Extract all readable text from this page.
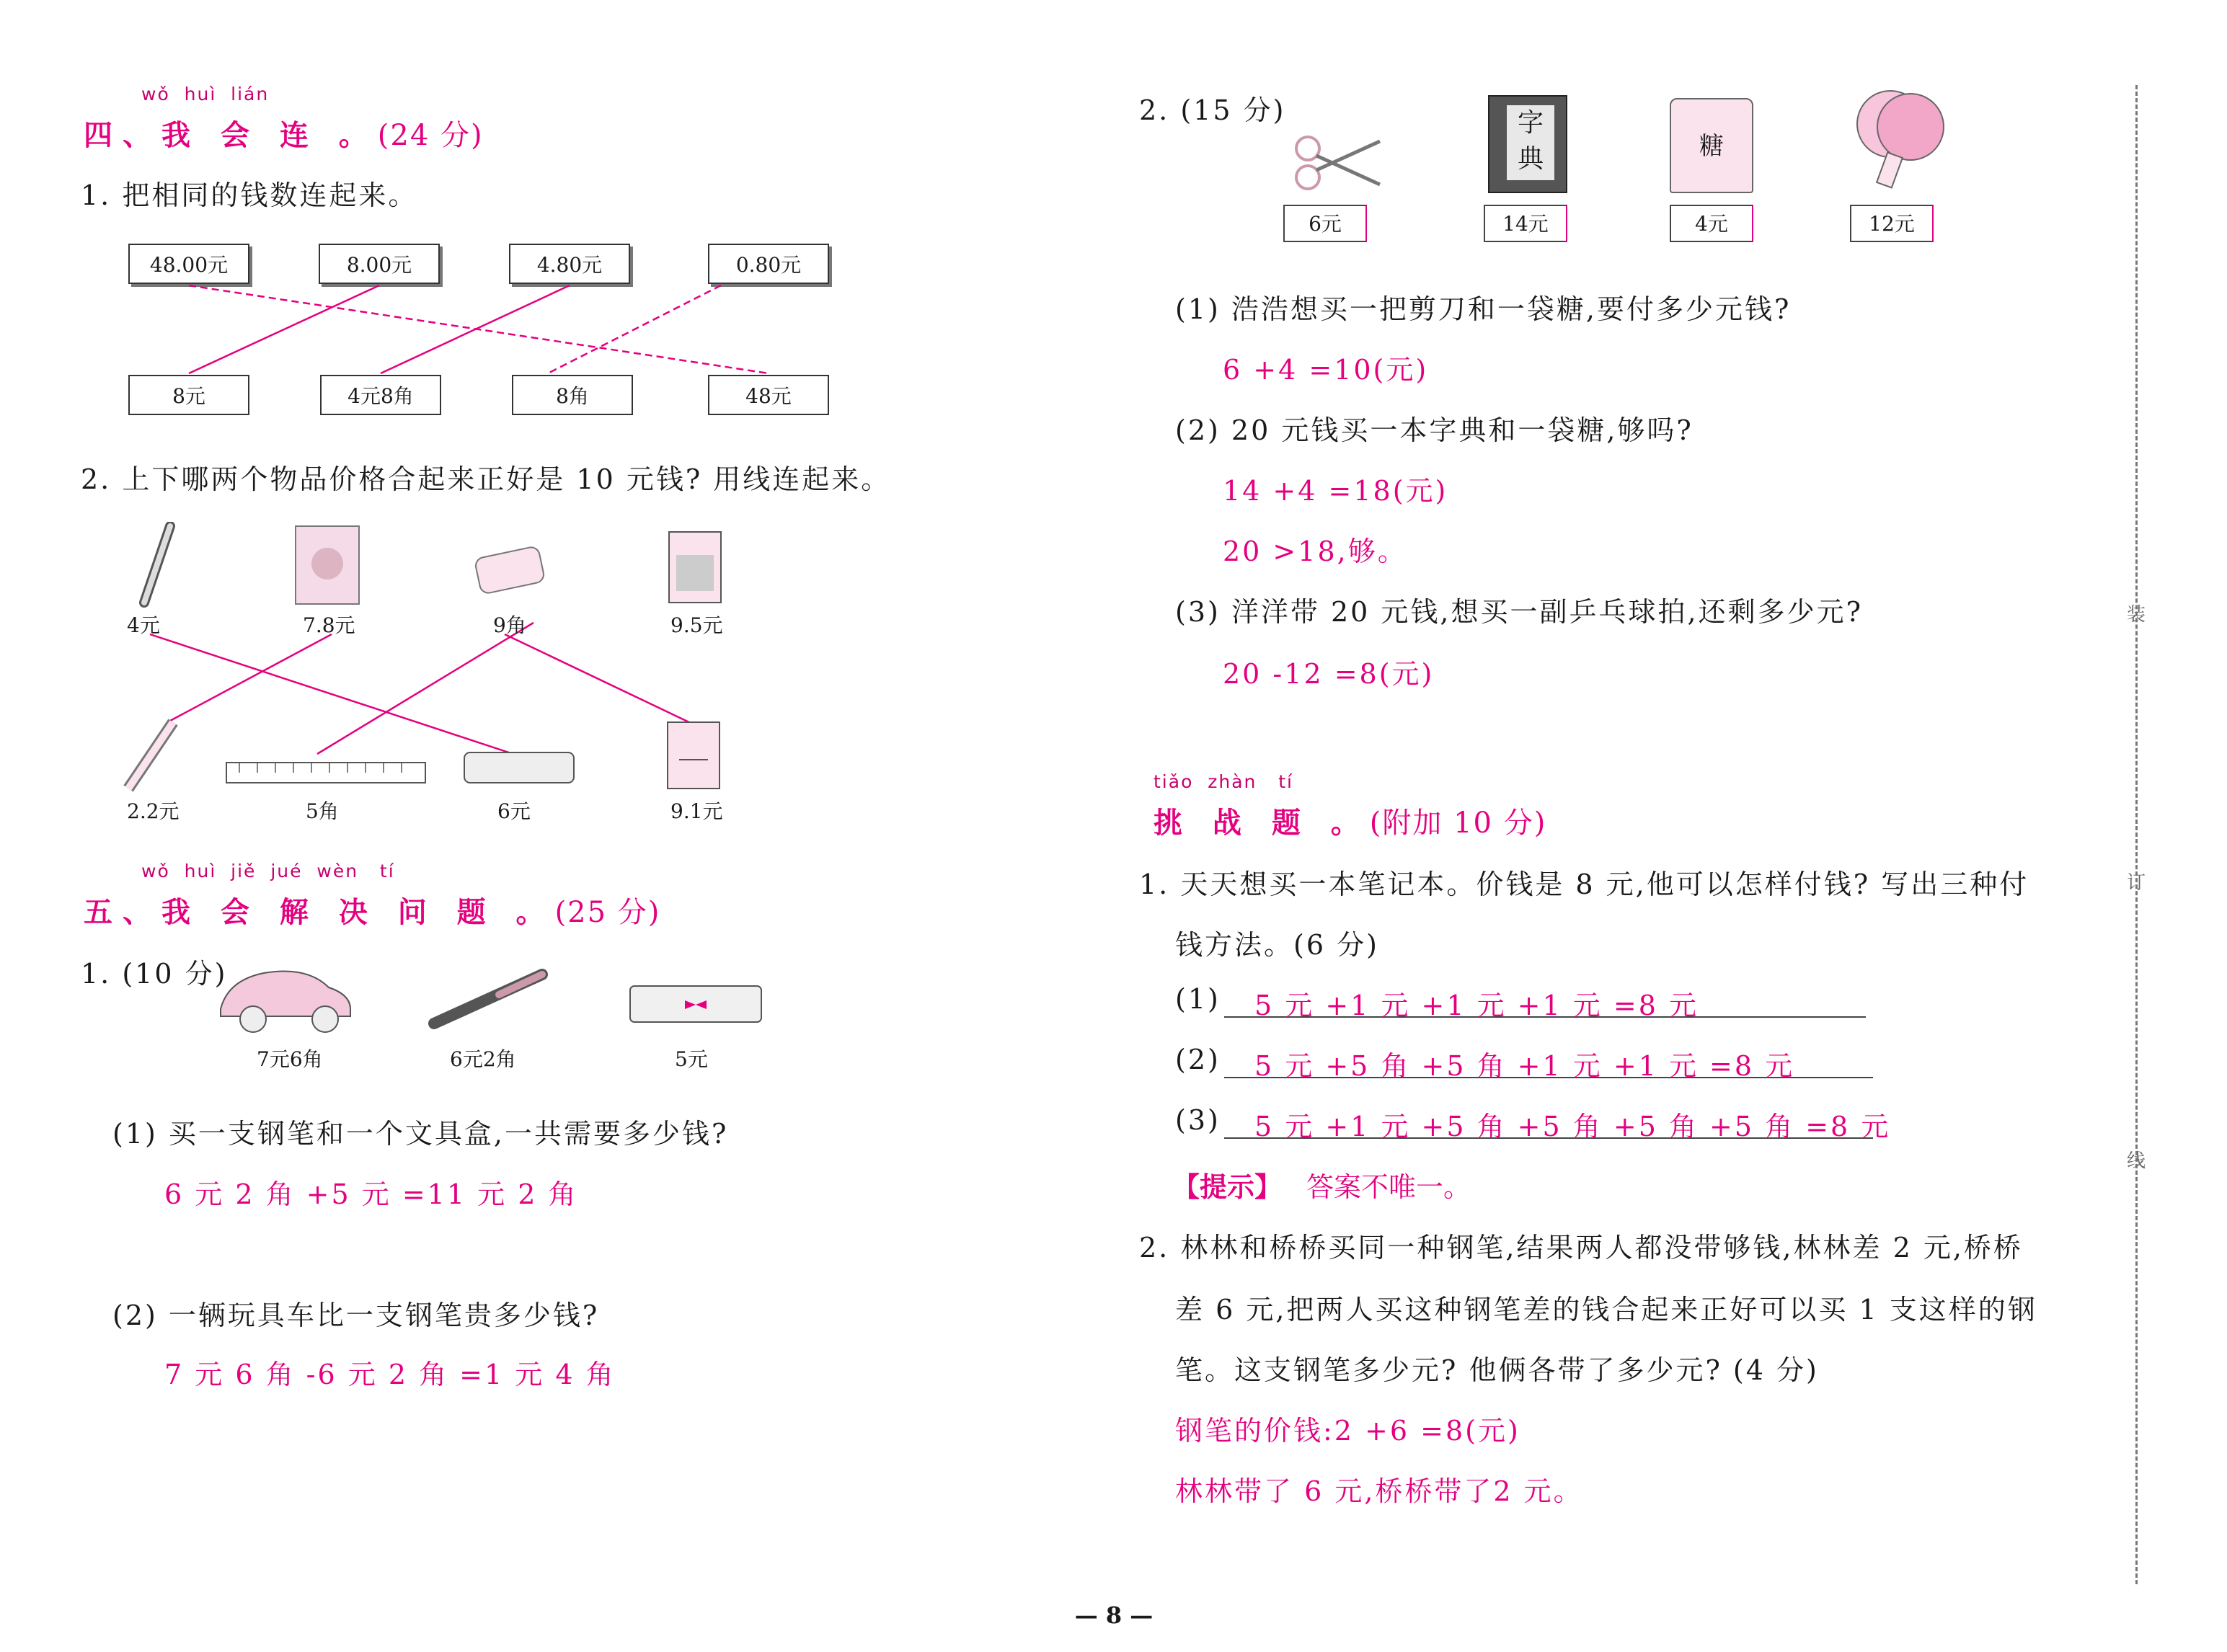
wǒ  huì  lián
四、我 会 连 。(24 分)
1. 把相同的钱数连起来。
48.00元	8.00元	4.80元	0.80元
8元	4元8角	8角	48元
2. 上下哪两个物品价格合起来正好是 10 元钱? 用线连起来。
4元	7.8元	9角	9.5元
2.2元	5角	6元	9.1元
wǒ  huì  jiě  jué  wèn   tí
五、我 会 解 决 问 题 。(25 分)
1. (10 分)
7元6角	6元2角	5元
(1) 买一支钢笔和一个文具盒,一共需要多少钱?
6 元 2 角 +5 元 =11 元 2 角
(2) 一辆玩具车比一支钢笔贵多少钱?
7 元 6 角 -6 元 2 角 =1 元 4 角
2. (15 分)
6元
字典
14元
糖
4元	12元
(1) 浩浩想买一把剪刀和一袋糖,要付多少元钱?
6 +4 =10(元)
(2) 20 元钱买一本字典和一袋糖,够吗?
14 +4 =18(元)
20 >18,够。
(3) 洋洋带 20 元钱,想买一副乒乓球拍,还剩多少元?
20 -12 =8(元)
tiǎo  zhàn   tí
挑 战 题 。(附加 10 分)
1. 天天想买一本笔记本。价钱是 8 元,他可以怎样付钱? 写出三种付
钱方法。(6 分)
(1) 5 元 +1 元 +1 元 +1 元 =8 元
(2) 5 元 +5 角 +5 角 +1 元 +1 元 =8 元
(3) 5 元 +1 元 +5 角 +5 角 +5 角 +5 角 =8 元
【提示】 答案不唯一。
2. 林林和桥桥买同一种钢笔,结果两人都没带够钱,林林差 2 元,桥桥
差 6 元,把两人买这种钢笔差的钱合起来正好可以买 1 支这样的钢
笔。这支钢笔多少元? 他俩各带了多少元? (4 分)
钢笔的价钱:2 +6 =8(元)
林林带了 6 元,桥桥带了2 元。
装
订
线
— 8 —
